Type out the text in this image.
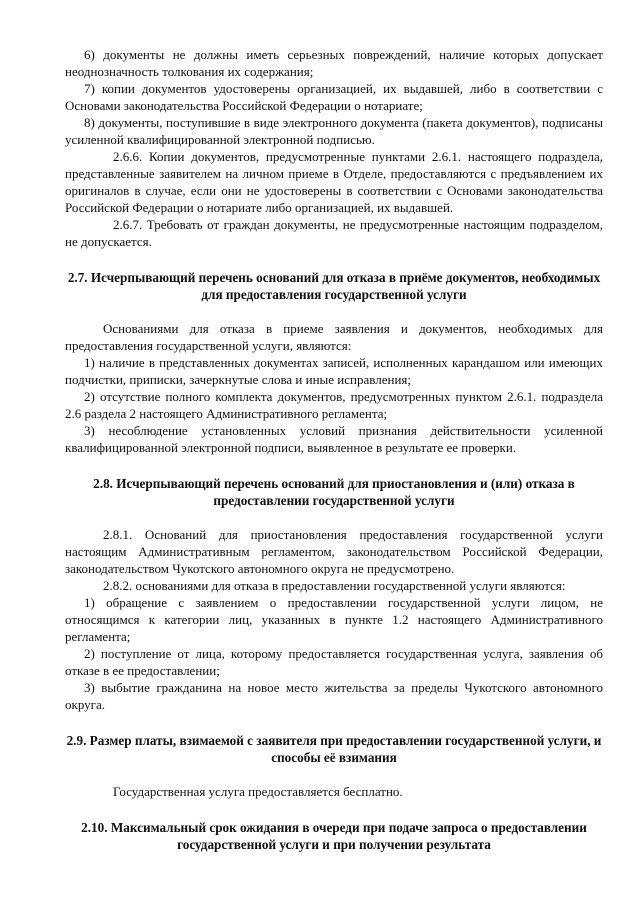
6) документы не должны иметь серьезных повреждений, наличие которых допускает неоднозначность толкования их содержания;

7) копии документов удостоверены организацией, их выдавшей, либо в соответствии с Основами законодательства Российской Федерации о нотариате;

8) документы, поступившие в виде электронного документа (пакета документов), подписаны усиленной квалифицированной электронной подписью.

2.6.6. Копии документов, предусмотренные пунктами 2.6.1. настоящего подраздела, представленные заявителем на личном приеме в Отделе, предоставляются с предъявлением их оригиналов в случае, если они не удостоверены в соответствии с Основами законодательства Российской Федерации о нотариате либо организацией, их выдавшей.

2.6.7. Требовать от граждан документы, не предусмотренные настоящим подразделом, не допускается.

2.7. Исчерпывающий перечень оснований для отказа в приёме документов, необходимых для предоставления государственной услуги

Основаниями для отказа в приеме заявления и документов, необходимых для предоставления государственной услуги, являются:

1) наличие в представленных документах записей, исполненных карандашом или имеющих подчистки, приписки, зачеркнутые слова и иные исправления;

2) отсутствие полного комплекта документов, предусмотренных пунктом 2.6.1. подраздела 2.6 раздела 2 настоящего Административного регламента;

3) несоблюдение установленных условий признания действительности усиленной квалифицированной электронной подписи, выявленное в результате ее проверки.

2.8. Исчерпывающий перечень оснований для приостановления и (или) отказа в предоставлении государственной услуги

2.8.1. Оснований для приостановления предоставления государственной услуги настоящим Административным регламентом, законодательством Российской Федерации, законодательством Чукотского автономного округа не предусмотрено.

2.8.2. основаниями для отказа в предоставлении государственной услуги являются:

1) обращение с заявлением о предоставлении государственной услуги лицом, не относящимся к категории лиц, указанных в пункте 1.2 настоящего Административного регламента;

2) поступление от лица, которому предоставляется государственная услуга, заявления об отказе в ее предоставлении;

3) выбытие гражданина на новое место жительства за пределы Чукотского автономного округа.

2.9. Размер платы, взимаемой с заявителя при предоставлении государственной услуги, и способы её взимания

Государственная услуга предоставляется бесплатно.

2.10. Максимальный срок ожидания в очереди при подаче запроса о предоставлении государственной услуги и при получении результата
